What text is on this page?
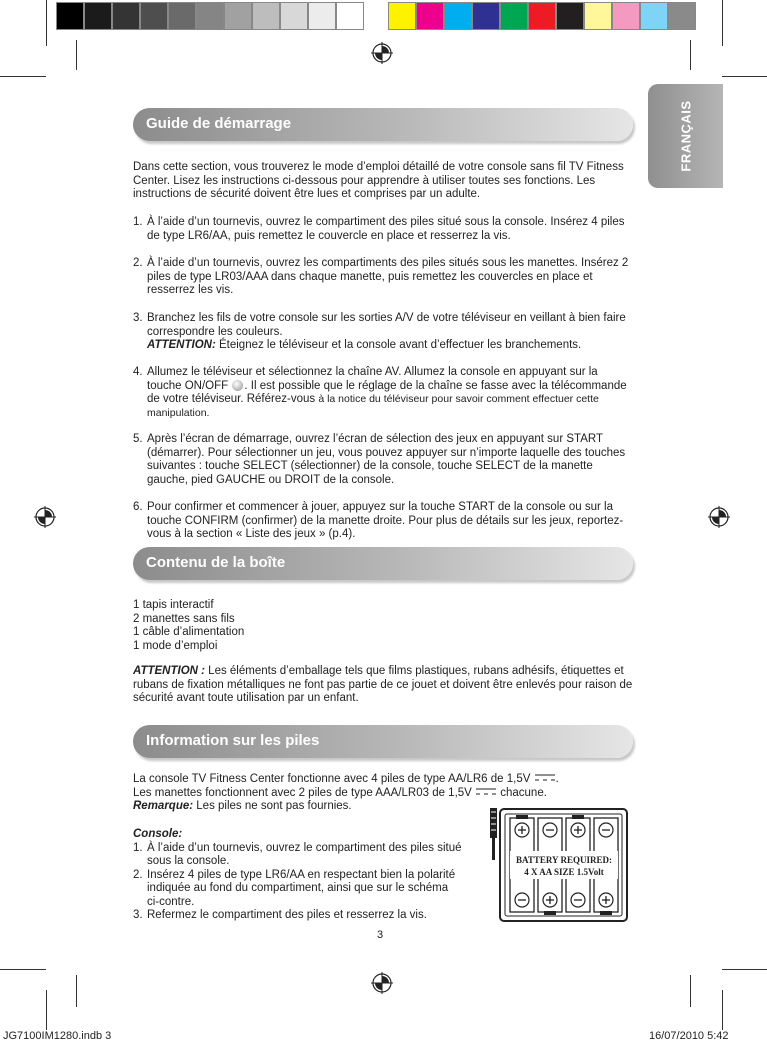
FRANÇAIS
Guide de démarrage
Dans cette section, vous trouverez le mode d’emploi détaillé de votre console sans fil TV Fitness Center. Lisez les instructions ci-dessous pour apprendre à utiliser toutes ses fonctions. Les instructions de sécurité doivent être lues et comprises par un adulte.
1. À l’aide d’un tournevis, ouvrez le compartiment des piles situé sous la console. Insérez 4 piles de type LR6/AA, puis remettez le couvercle en place et resserrez la vis.
2. À l’aide d’un tournevis, ouvrez les compartiments des piles situés sous les manettes. Insérez 2 piles de type LR03/AAA dans chaque manette, puis remettez les couvercles en place et resserrez les vis.
3. Branchez les fils de votre console sur les sorties A/V de votre téléviseur en veillant à bien faire correspondre les couleurs.
ATTENTION: Éteignez le téléviseur et la console avant d’effectuer les branchements.
4. Allumez le téléviseur et sélectionnez la chaîne AV. Allumez la console en appuyant sur la touche ON/OFF . Il est possible que le réglage de la chaîne se fasse avec la télécommande de votre téléviseur. Référez-vous à la notice du téléviseur pour savoir comment effectuer cette manipulation.
5. Après l’écran de démarrage, ouvrez l’écran de sélection des jeux en appuyant sur START (démarrer). Pour sélectionner un jeu, vous pouvez appuyer sur n’importe laquelle des touches suivantes : touche SELECT (sélectionner) de la console, touche SELECT de la manette gauche, pied GAUCHE ou DROIT de la console.
6. Pour confirmer et commencer à jouer, appuyez sur la touche START de la console ou sur la touche CONFIRM (confirmer) de la manette droite. Pour plus de détails sur les jeux, reportez-vous à la section « Liste des jeux » (p.4).
Contenu de la boîte
1 tapis interactif
2 manettes sans fils
1 câble d’alimentation
1 mode d’emploi
ATTENTION : Les éléments d’emballage tels que films plastiques, rubans adhésifs, étiquettes et rubans de fixation métalliques ne font pas partie de ce jouet et doivent être enlevés pour raison de sécurité avant toute utilisation par un enfant.
Information sur les piles
La console TV Fitness Center fonctionne avec 4 piles de type AA/LR6 de 1,5V .
Les manettes fonctionnent avec 2 piles de type AAA/LR03 de 1,5V  chacune.
Remarque: Les piles ne sont pas fournies.
Console:
1. À l’aide d’un tournevis, ouvrez le compartiment des piles situé sous la console.
2. Insérez 4 piles de type LR6/AA en respectant bien la polarité indiquée au fond du compartiment, ainsi que sur le schéma ci-contre.
3. Refermez le compartiment des piles et resserrez la vis.
BATTERY REQUIRED:
4 X AA SIZE 1.5Volt
3
JG7100IM1280.indb 3	16/07/2010 5:42
